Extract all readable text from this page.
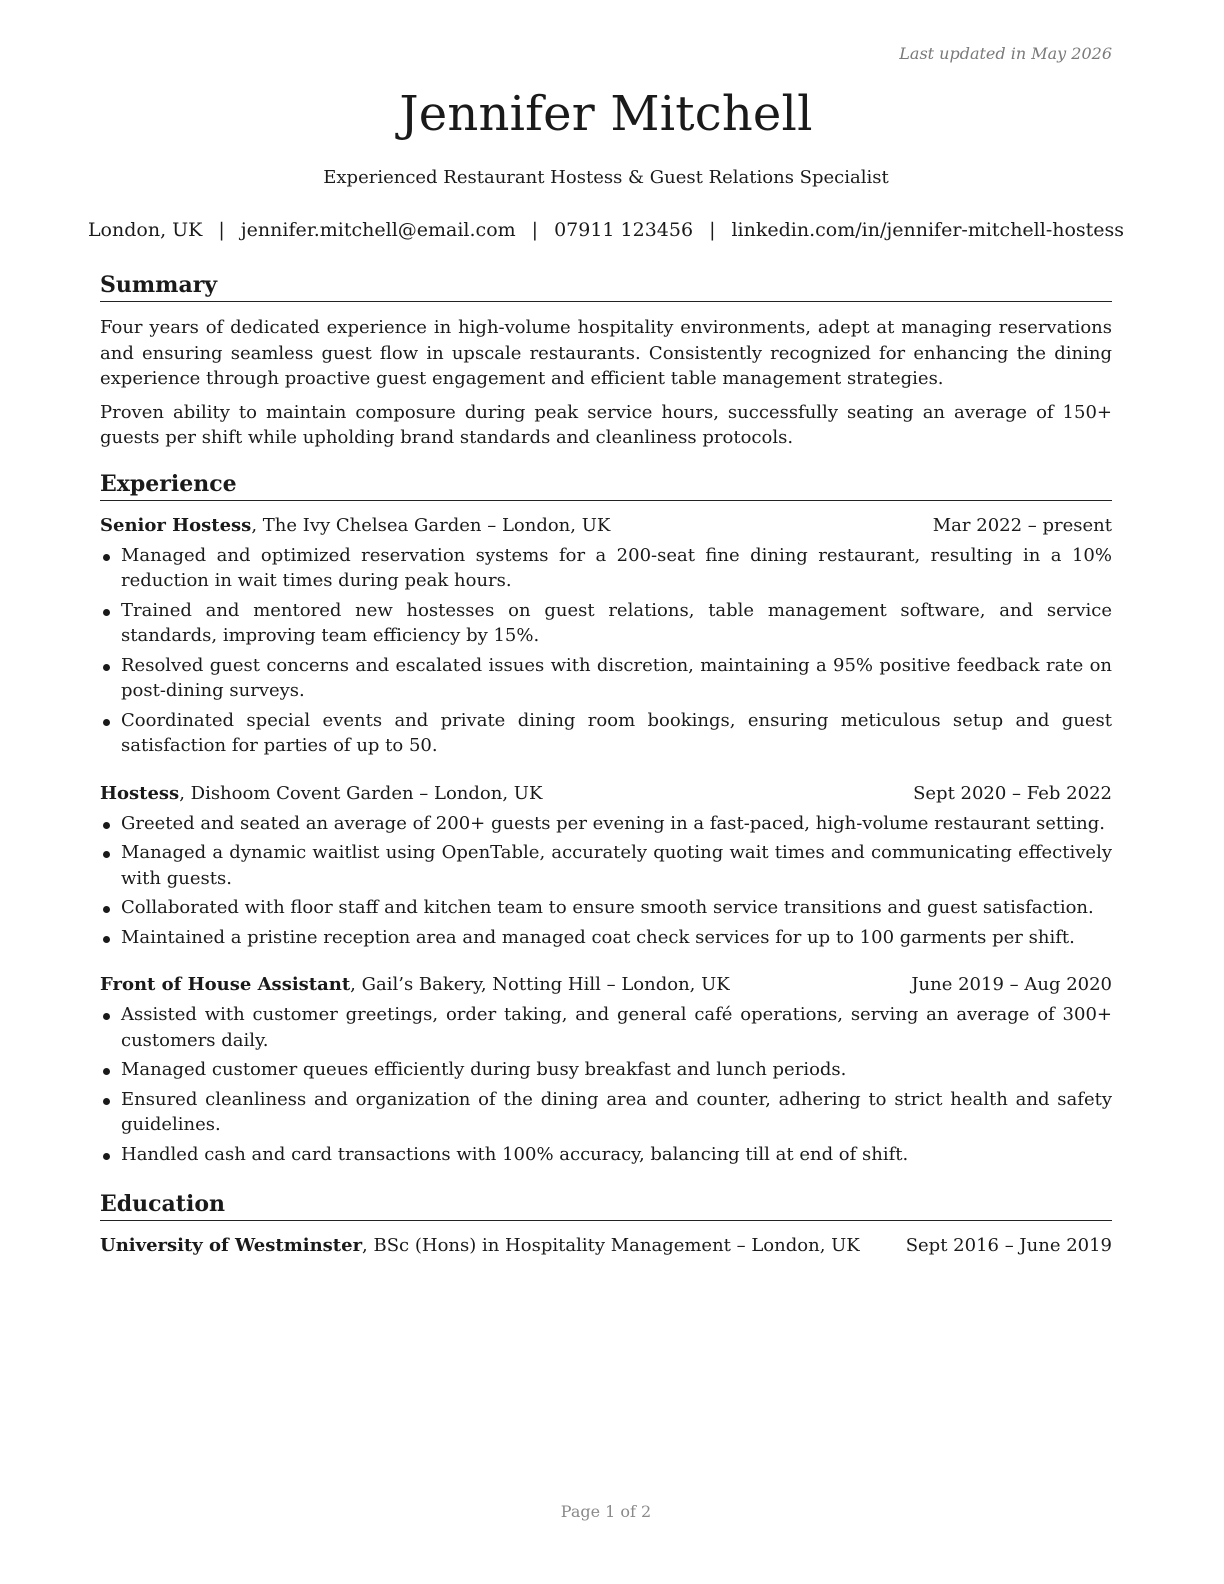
Last updated in May 2026
Jennifer Mitchell
Experienced Restaurant Hostess & Guest Relations Specialist
London, UK | jennifer.mitchell@email.com | 07911 123456 | linkedin.com/in/jennifer-mitchell-hostess
Summary

Four years of dedicated experience in high-volume hospitality environments, adept at managing reservations and ensuring seamless guest flow in upscale restaurants. Consistently recognized for enhancing the dining experience through proactive guest engagement and efficient table management strategies.

Proven ability to maintain composure during peak service hours, successfully seating an average of 150+ guests per shift while upholding brand standards and cleanliness protocols.

Experience
Senior Hostess, The Ivy Chelsea Garden – London, UK	Mar 2022 – present
Managed and optimized reservation systems for a 200-seat fine dining restaurant, resulting in a 10% reduction in wait times during peak hours.
Trained and mentored new hostesses on guest relations, table management software, and service standards, improving team efficiency by 15%.
Resolved guest concerns and escalated issues with discretion, maintaining a 95% positive feedback rate on post-dining surveys.
Coordinated special events and private dining room bookings, ensuring meticulous setup and guest satisfaction for parties of up to 50.
Hostess, Dishoom Covent Garden – London, UK	Sept 2020 – Feb 2022
Greeted and seated an average of 200+ guests per evening in a fast-paced, high-volume restaurant setting.
Managed a dynamic waitlist using OpenTable, accurately quoting wait times and communicating effectively with guests.
Collaborated with floor staff and kitchen team to ensure smooth service transitions and guest satisfaction.
Maintained a pristine reception area and managed coat check services for up to 100 garments per shift.
Front of House Assistant, Gail’s Bakery, Notting Hill – London, UK	June 2019 – Aug 2020
Assisted with customer greetings, order taking, and general café operations, serving an average of 300+ customers daily.
Managed customer queues efficiently during busy breakfast and lunch periods.
Ensured cleanliness and organization of the dining area and counter, adhering to strict health and safety guidelines.
Handled cash and card transactions with 100% accuracy, balancing till at end of shift.
Education
University of Westminster, BSc (Hons) in Hospitality Management – London, UK	Sept 2016 – June 2019
Page 1 of 2
